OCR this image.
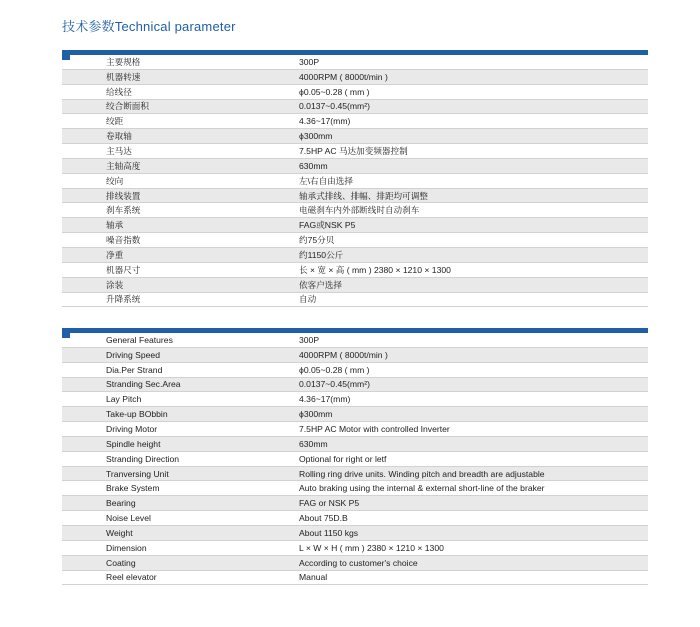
技术参数Technical parameter
主要规格	300P
机器转速	4000RPM ( 8000t/min )
给线径	ϕ0.05~0.28 ( mm )
绞合断面积	0.0137~0.45(mm²)
绞距	4.36~17(mm)
卷取轴	ϕ300mm
主马达	7.5HP AC 马达加变频器控制
主轴高度	630mm
绞向	左\右自由选择
排线装置	轴承式排线、排幅、排距均可调整
刹车系统	电磁刹车内外部断线时自动刹车
轴承	FAG或NSK P5
噪音指数	约75分贝
净重	约1150公斤
机器尺寸	长 × 宽 × 高 ( mm ) 2380 × 1210 × 1300
涂装	依客户选择
升降系统	自动
General Features	300P
Driving Speed	4000RPM ( 8000t/min )
Dia.Per Strand	ϕ0.05~0.28 ( mm )
Stranding Sec.Area	0.0137~0.45(mm²)
Lay Pitch	4.36~17(mm)
Take-up BObbin	ϕ300mm
Driving Motor	7.5HP AC Motor with controlled Inverter
Spindle height	630mm
Stranding Direction	Optional for right or letf
Tranversing Unit	Rolling ring drive units. Winding pitch and breadth are adjustable
Brake System	Auto braking using the internal & external short-line of the braker
Bearing	FAG or NSK P5
Noise Level	About 75D.B
Weight	About 1150 kgs
Dimension	L × W × H ( mm ) 2380 × 1210 × 1300
Coating	According to customer's choice
Reel elevator	Manual
